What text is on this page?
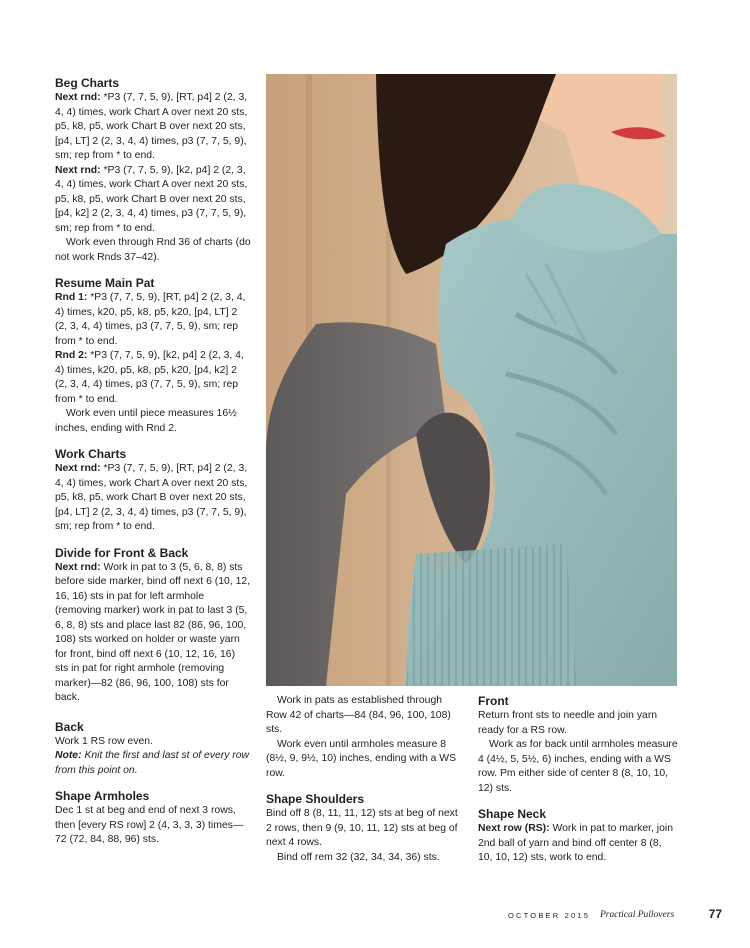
Beg Charts

Next rnd: *P3 (7, 7, 5, 9), [RT, p4] 2 (2, 3, 4, 4) times, work Chart A over next 20 sts, p5, k8, p5, work Chart B over next 20 sts, [p4, LT] 2 (2, 3, 4, 4) times, p3 (7, 7, 5, 9), sm; rep from * to end.

Next rnd: *P3 (7, 7, 5, 9), [k2, p4] 2 (2, 3, 4, 4) times, work Chart A over next 20 sts, p5, k8, p5, work Chart B over next 20 sts, [p4, k2] 2 (2, 3, 4, 4) times, p3 (7, 7, 5, 9), sm; rep from * to end.

Work even through Rnd 36 of charts (do not work Rnds 37–42).

Resume Main Pat

Rnd 1: *P3 (7, 7, 5, 9), [RT, p4] 2 (2, 3, 4, 4) times, k20, p5, k8, p5, k20, [p4, LT] 2 (2, 3, 4, 4) times, p3 (7, 7, 5, 9), sm; rep from * to end.

Rnd 2: *P3 (7, 7, 5, 9), [k2, p4] 2 (2, 3, 4, 4) times, k20, p5, k8, p5, k20, [p4, k2] 2 (2, 3, 4, 4) times, p3 (7, 7, 5, 9), sm; rep from * to end.

Work even until piece measures 16½ inches, ending with Rnd 2.

Work Charts

Next rnd: *P3 (7, 7, 5, 9), [RT, p4] 2 (2, 3, 4, 4) times, work Chart A over next 20 sts, p5, k8, p5, work Chart B over next 20 sts, [p4, LT] 2 (2, 3, 4, 4) times, p3 (7, 7, 5, 9), sm; rep from * to end.

Divide for Front & Back

Next rnd: Work in pat to 3 (5, 6, 8, 8) sts before side marker, bind off next 6 (10, 12, 16, 16) sts in pat for left armhole (removing marker) work in pat to last 3 (5, 6, 8, 8) sts and place last 82 (86, 96, 100, 108) sts worked on holder or waste yarn for front, bind off next 6 (10, 12, 16, 16) sts in pat for right armhole (removing marker)—82 (86, 96, 100, 108) sts for back.

Back

Work 1 RS row even.

Note: Knit the first and last st of every row from this point on.

Shape Armholes

Dec 1 st at beg and end of next 3 rows, then [every RS row] 2 (4, 3, 3, 3) times—72 (72, 84, 88, 96) sts.

Work in pats as established through Row 42 of charts—84 (84, 96, 100, 108) sts.

Work even until armholes measure 8 (8½, 9, 9½, 10) inches, ending with a WS row.

Shape Shoulders

Bind off 8 (8, 11, 11, 12) sts at beg of next 2 rows, then 9 (9, 10, 11, 12) sts at beg of next 4 rows.

Bind off rem 32 (32, 34, 34, 36) sts.

Front

Return front sts to needle and join yarn ready for a RS row.

Work as for back until armholes measure 4 (4½, 5, 5½, 6) inches, ending with a WS row. Pm either side of center 8 (8, 10, 10, 12) sts.

Shape Neck

Next row (RS): Work in pat to marker, join 2nd ball of yarn and bind off center 8 (8, 10, 10, 12) sts, work to end.

OCTOBER 2015 Practical Pullovers	77
